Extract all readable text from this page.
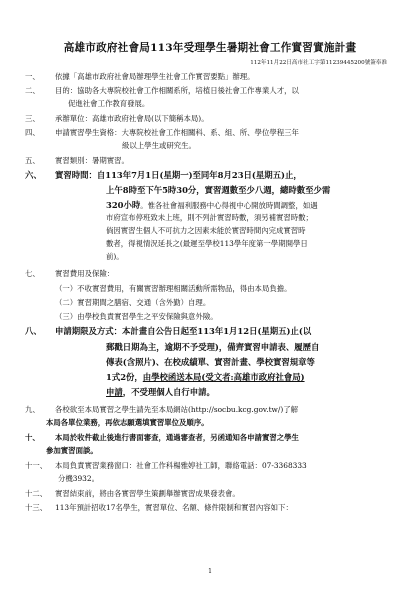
高雄市政府社會局113年受理學生暑期社會工作實習實施計畫
112年11月22日高市社工字第11239445200號簽奉准
一、 依據「高雄市政府社會局辦理學生社會工作實習要點」辦理。
二、 目的：協助各大專院校社會工作相關系所，培植日後社會工作專業人才，以
促進社會工作教育發展。
三、 承辦單位：高雄市政府社會局(以下簡稱本局)。
四、 申請實習學生資格：大專院校社會工作相關科、系、組、所、學位學程三年
級以上學生或研究生。
五、 實習類別：暑期實習。
六、 實習時間：自113年7月1日(星期一)至同年8月23日(星期五)止，
上午8時至下午5時30分，實習週數至少八週，總時數至少需
320小時。惟各社會福利服務中心得視中心開放時間調整，如遇
市府宣布停班致未上班，則不列計實習時數，須另補實習時數；
倘因實習生個人不可抗力之因素未能於實習時間內完成實習時
數者，得視情況延長之(最遲至學校113學年度第一學期開學日
前)。
七、 實習費用及保險：
（一）不收實習費用，有關實習辦理相關活動所需物品，得由本局負擔。
（二）實習期間之膳宿、交通（含外勤）自理。
（三）由學校負責實習學生之平安保險與意外險。
八、 申請期限及方式：本計畫自公告日起至113年1月12日(星期五)止(以
郵戳日期為主，逾期不予受理)，備齊實習申請表、履歷自
傳表(含照片)、在校成績單、實習計畫、學校實習規章等
1式2份，由學校函送本局(受文者:高雄市政府社會局)
申請，不受理個人自行申請。
九、 各校欲至本局實習之學生請先至本局網站(http://socbu.kcg.gov.tw/)了解
本局各單位業務，再依志願選填實習單位及順序。
十、 本局於收件截止後進行書面審查，通過審查者，另函通知各申請實習之學生
參加實習面談。
十一、 本局負責實習業務窗口：社會工作科楊雅婷社工師，聯絡電話：07-3368333
分機3932。
十二、 實習結束前，將由各實習學生策劃舉辦實習成果發表會。
十三、 113年預計招收17名學生，實習單位、名額、條件限制和實習內容如下：
1
